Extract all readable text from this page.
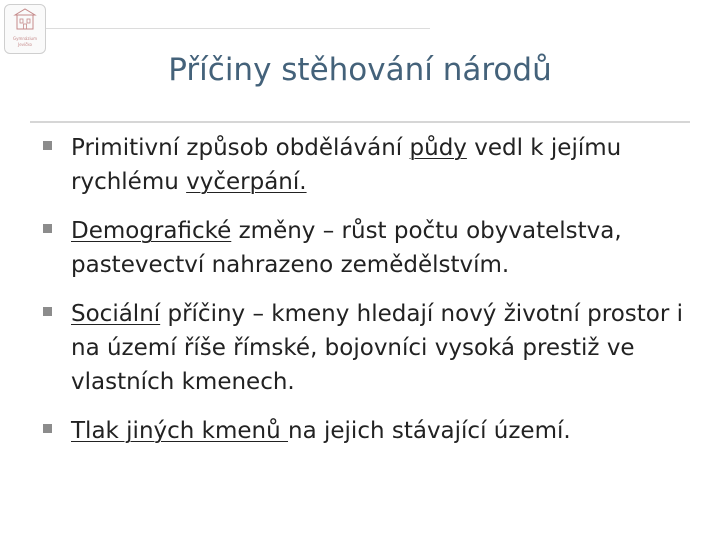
Gymnázium
Jevíčko
Příčiny stěhování národů
Primitivní způsob obdělávání půdy vedl k jejímu rychlému vyčerpání.
Demografické změny – růst počtu obyvatelstva, pastevectví nahrazeno zemědělstvím.
Sociální příčiny – kmeny hledají nový životní prostor i na území říše římské, bojovníci vysoká prestiž ve vlastních kmenech.
Tlak jiných kmenů na jejich stávající území.
